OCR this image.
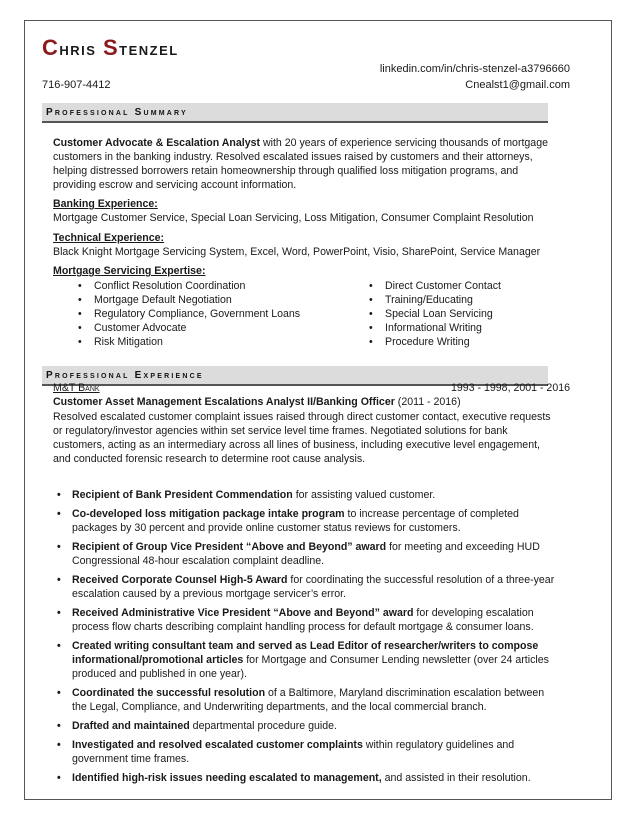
Chris Stenzel
716-907-4412
linkedin.com/in/chris-stenzel-a3796660
Cnealst1@gmail.com
Professional Summary
Customer Advocate & Escalation Analyst with 20 years of experience servicing thousands of mortgage customers in the banking industry. Resolved escalated issues raised by customers and their attorneys, helping distressed borrowers retain homeownership through qualified loss mitigation programs, and providing escrow and servicing account information.
Banking Experience:
Mortgage Customer Service, Special Loan Servicing, Loss Mitigation, Consumer Complaint Resolution
Technical Experience:
Black Knight Mortgage Servicing System, Excel, Word, PowerPoint, Visio, SharePoint, Service Manager
Mortgage Servicing Expertise:
• Conflict Resolution Coordination
• Mortgage Default Negotiation
• Regulatory Compliance, Government Loans
• Customer Advocate
• Risk Mitigation
• Direct Customer Contact
• Training/Educating
• Special Loan Servicing
• Informational Writing
• Procedure Writing
Professional Experience
M&T Bank	1993 - 1998, 2001 - 2016
Customer Asset Management Escalations Analyst II/Banking Officer (2011 - 2016)
Resolved escalated customer complaint issues raised through direct customer contact, executive requests or regulatory/investor agencies within set service level time frames. Negotiated solutions for bank customers, acting as an intermediary across all lines of business, including executive level engagement, and conducted forensic research to determine root cause analysis.
• Recipient of Bank President Commendation for assisting valued customer.
• Co-developed loss mitigation package intake program to increase percentage of completed packages by 30 percent and provide online customer status reviews for customers.
• Recipient of Group Vice President “Above and Beyond” award for meeting and exceeding HUD Congressional 48-hour escalation complaint deadline.
• Received Corporate Counsel High-5 Award for coordinating the successful resolution of a three-year escalation caused by a previous mortgage servicer’s error.
• Received Administrative Vice President “Above and Beyond” award for developing escalation process flow charts describing complaint handling process for default mortgage & consumer loans.
• Created writing consultant team and served as Lead Editor of researcher/writers to compose informational/promotional articles for Mortgage and Consumer Lending newsletter (over 24 articles produced and published in one year).
• Coordinated the successful resolution of a Baltimore, Maryland discrimination escalation between the Legal, Compliance, and Underwriting departments, and the local commercial branch.
• Drafted and maintained departmental procedure guide.
• Investigated and resolved escalated customer complaints within regulatory guidelines and government time frames.
• Identified high-risk issues needing escalated to management, and assisted in their resolution.
